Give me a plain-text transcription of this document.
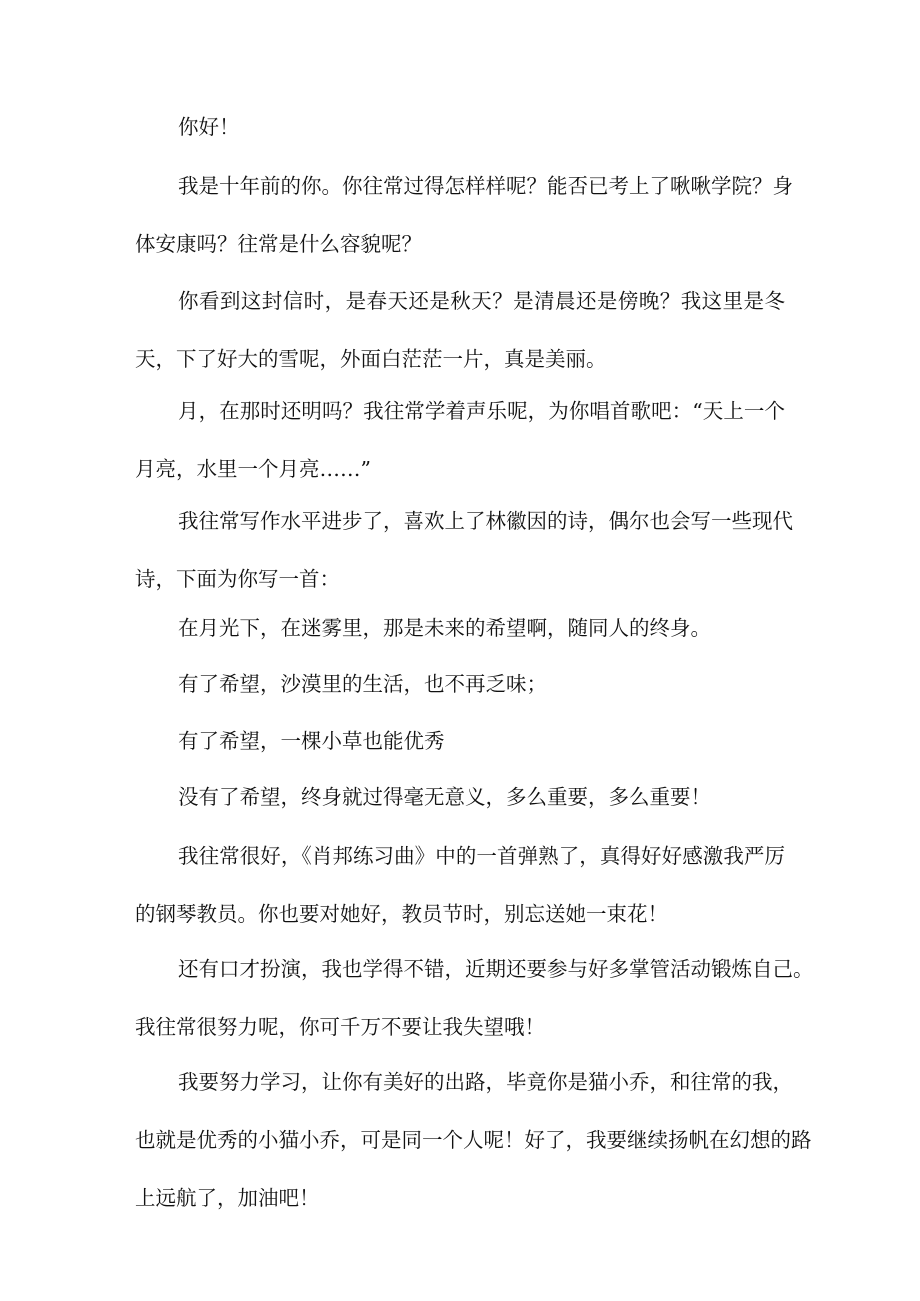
你好！
我是十年前的你。你往常过得怎样样呢？能否已考上了啾啾学院？身
体安康吗？往常是什么容貌呢？
你看到这封信时，是春天还是秋天？是清晨还是傍晚？我这里是冬
天，下了好大的雪呢，外面白茫茫一片，真是美丽。
月，在那时还明吗？我往常学着声乐呢，为你唱首歌吧：“天上一个
月亮，水里一个月亮……”
我往常写作水平进步了，喜欢上了林徽因的诗，偶尔也会写一些现代
诗，下面为你写一首：
在月光下，在迷雾里，那是未来的希望啊，随同人的终身。
有了希望，沙漠里的生活，也不再乏味；
有了希望，一棵小草也能优秀
没有了希望，终身就过得毫无意义，多么重要，多么重要！
我往常很好，《肖邦练习曲》中的一首弹熟了，真得好好感激我严厉
的钢琴教员。你也要对她好，教员节时，别忘送她一束花！
还有口才扮演，我也学得不错，近期还要参与好多掌管活动锻炼自己。
我往常很努力呢，你可千万不要让我失望哦！
我要努力学习，让你有美好的出路，毕竟你是猫小乔，和往常的我，
也就是优秀的小猫小乔，可是同一个人呢！好了，我要继续扬帆在幻想的路
上远航了，加油吧！
